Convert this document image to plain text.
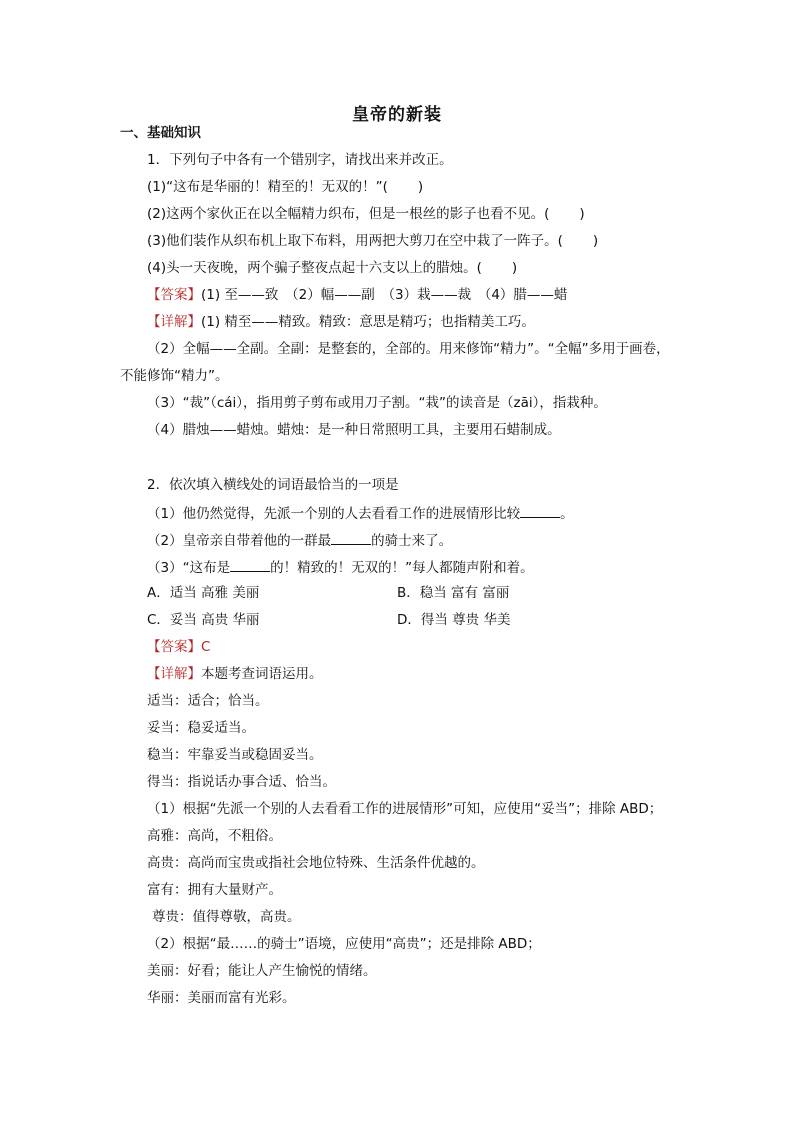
皇帝的新装
一、基础知识
1．下列句子中各有一个错别字，请找出来并改正。
(1)“这布是华丽的！精至的！无双的！”( )
(2)这两个家伙正在以全幅精力织布，但是一根丝的影子也看不见。( )
(3)他们装作从织布机上取下布料，用两把大剪刀在空中栽了一阵子。( )
(4)头一天夜晚，两个骗子整夜点起十六支以上的腊烛。( )
【答案】(1) 至——致　（2）幅——副　（3）栽——裁　（4）腊——蜡
【详解】(1) 精至——精致。精致：意思是精巧；也指精美工巧。
（2）全幅——全副。全副：是整套的，全部的。用来修饰“精力”。“全幅”多用于画卷，
不能修饰“精力”。
（3）“裁”（cái），指用剪子剪布或用刀子割。“栽”的读音是（zāi），指栽种。
（4）腊烛——蜡烛。蜡烛：是一种日常照明工具，主要用石蜡制成。
2．依次填入横线处的词语最恰当的一项是
（1）他仍然觉得，先派一个别的人去看看工作的进展情形比较	。
（2）皇帝亲自带着他的一群最	的骑士来了。
（3）“这布是	的！精致的！无双的！”每人都随声附和着。
A．适当 高雅 美丽	B．稳当 富有 富丽
C．妥当 高贵 华丽	D．得当 尊贵 华美
【答案】C
【详解】本题考查词语运用。
适当：适合；恰当。
妥当：稳妥适当。
稳当：牢靠妥当或稳固妥当。
得当：指说话办事合适、恰当。
（1）根据“先派一个别的人去看看工作的进展情形”可知，应使用“妥当”；排除 ABD；
高雅：高尚，不粗俗。
高贵：高尚而宝贵或指社会地位特殊、生活条件优越的。
富有：拥有大量财产。
尊贵：值得尊敬，高贵。
（2）根据“最……的骑士”语境，应使用“高贵”；还是排除 ABD；
美丽：好看；能让人产生愉悦的情绪。
华丽：美丽而富有光彩。
